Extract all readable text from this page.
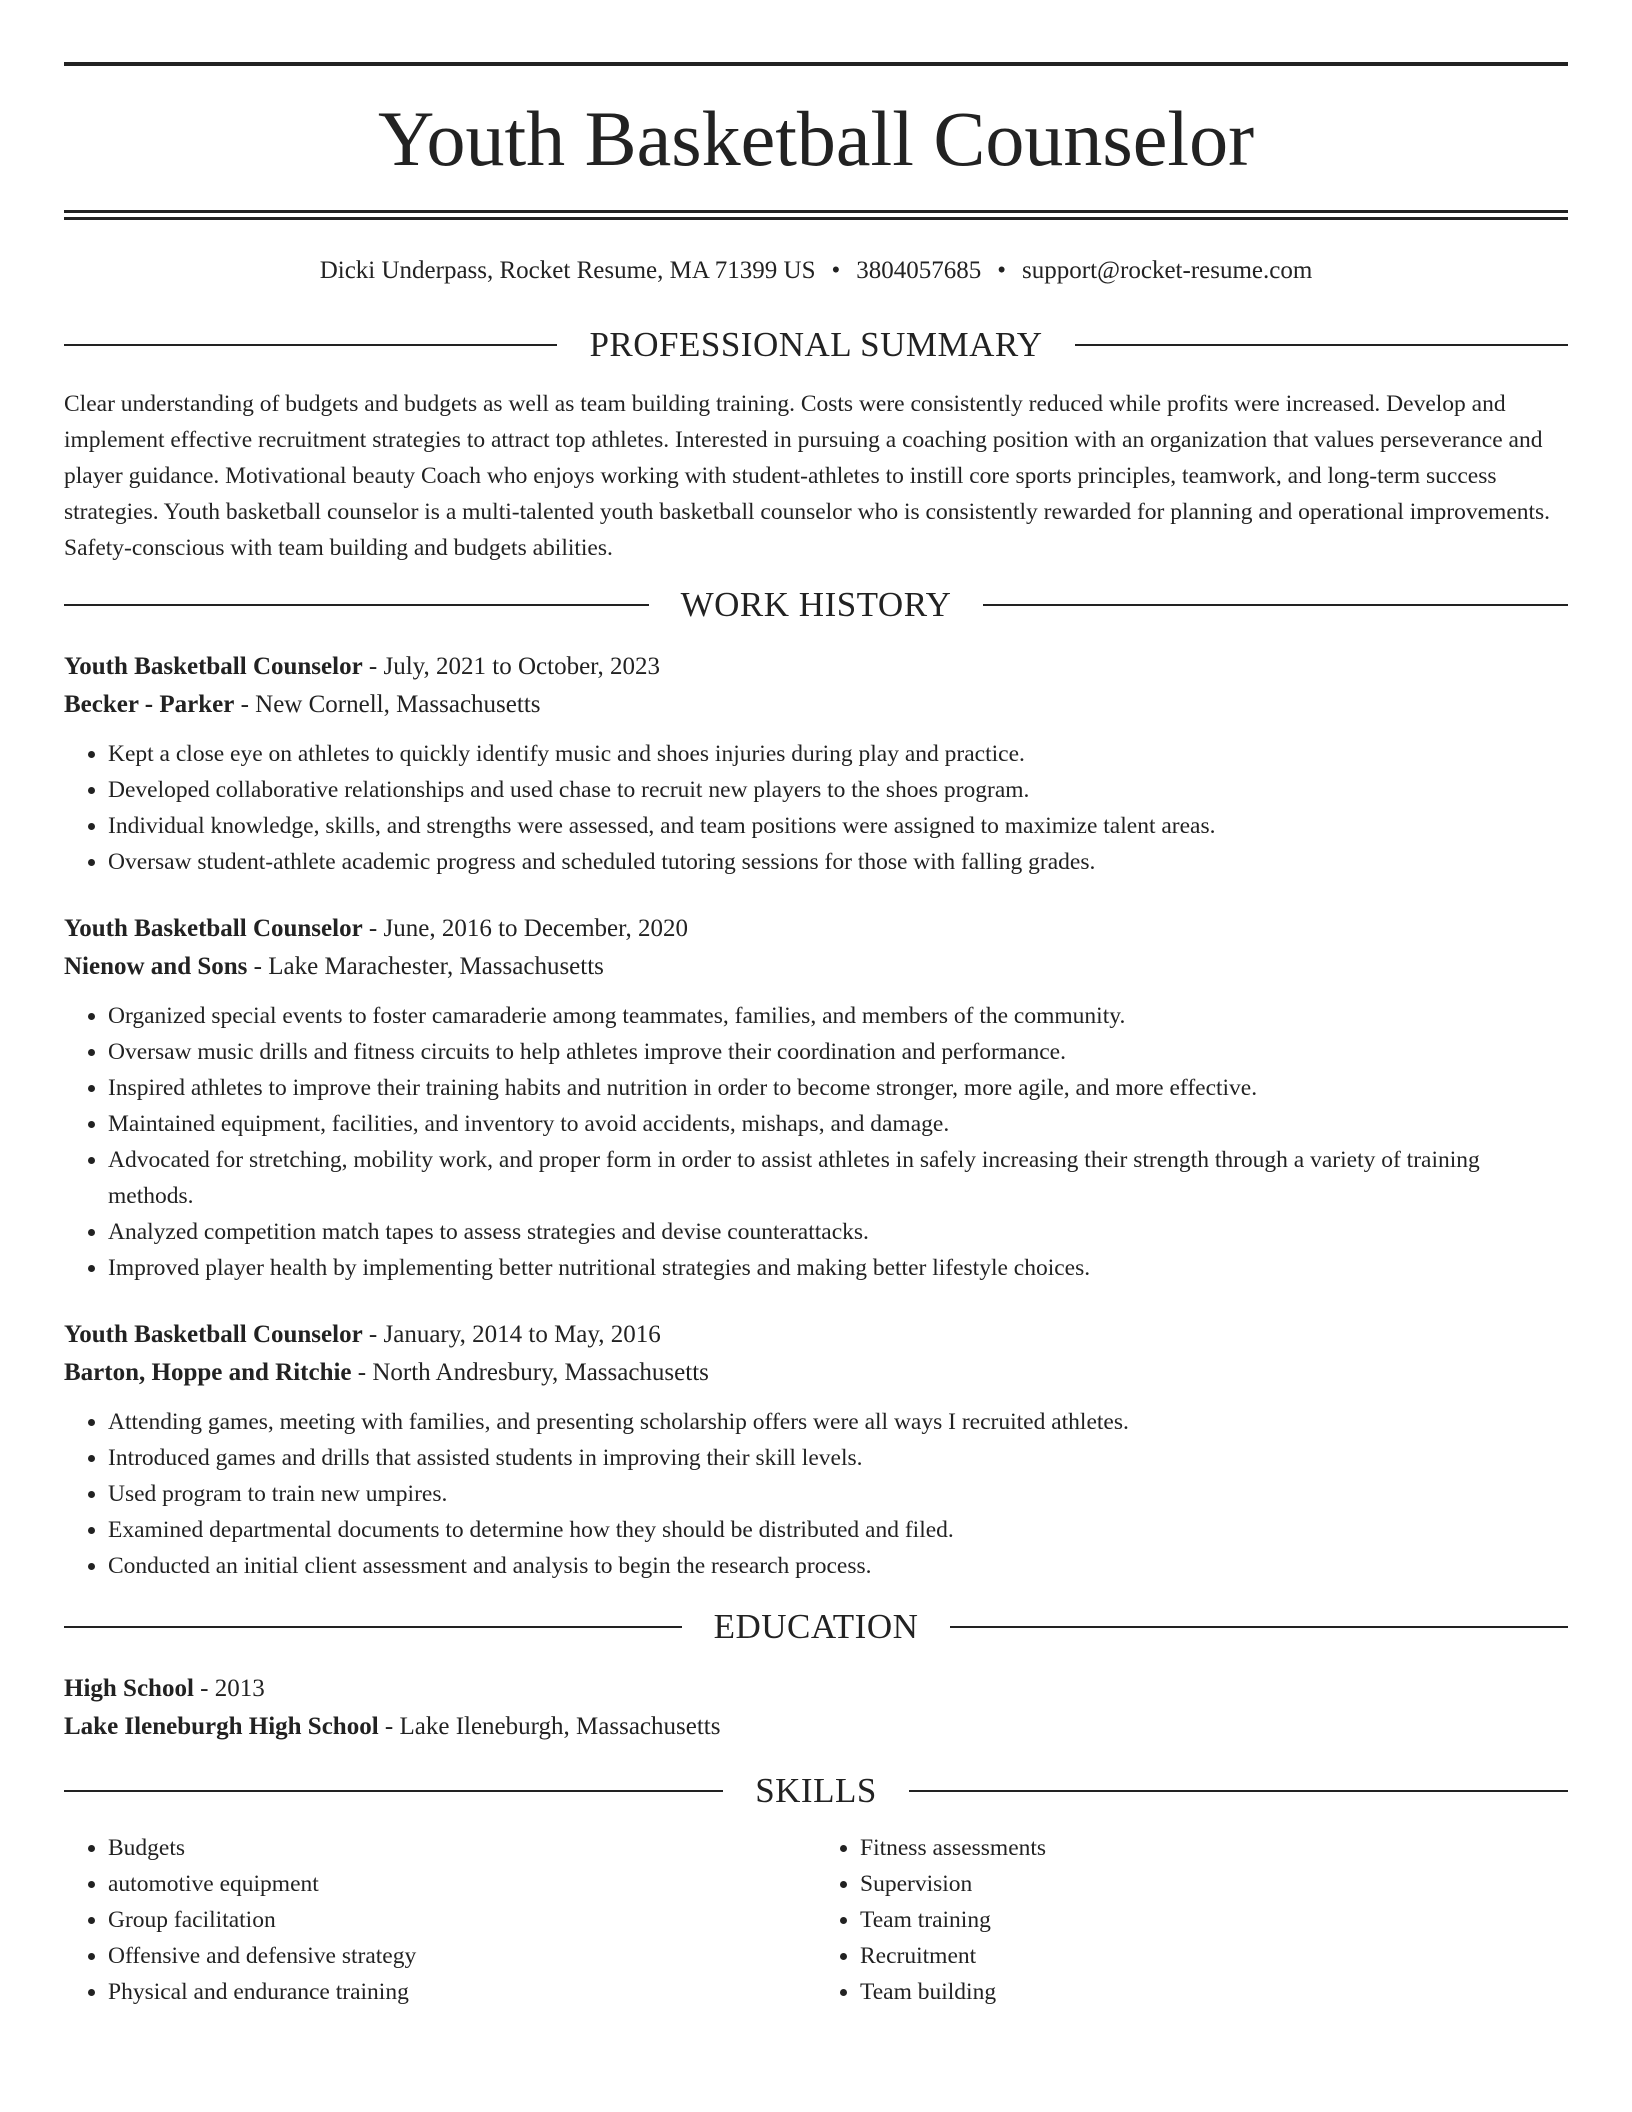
Youth Basketball Counselor
Dicki Underpass, Rocket Resume, MA 71399 US • 3804057685 • support@rocket-resume.com
PROFESSIONAL SUMMARY

Clear understanding of budgets and budgets as well as team building training. Costs were consistently reduced while profits were increased. Develop and implement effective recruitment strategies to attract top athletes. Interested in pursuing a coaching position with an organization that values perseverance and player guidance. Motivational beauty Coach who enjoys working with student-athletes to instill core sports principles, teamwork, and long-term success strategies. Youth basketball counselor is a multi-talented youth basketball counselor who is consistently rewarded for planning and operational improvements. Safety-conscious with team building and budgets abilities.

WORK HISTORY
Youth Basketball Counselor - July, 2021 to October, 2023
Becker - Parker - New Cornell, Massachusetts
• Kept a close eye on athletes to quickly identify music and shoes injuries during play and practice.
• Developed collaborative relationships and used chase to recruit new players to the shoes program.
• Individual knowledge, skills, and strengths were assessed, and team positions were assigned to maximize talent areas.
• Oversaw student-athlete academic progress and scheduled tutoring sessions for those with falling grades.
Youth Basketball Counselor - June, 2016 to December, 2020
Nienow and Sons - Lake Marachester, Massachusetts
• Organized special events to foster camaraderie among teammates, families, and members of the community.
• Oversaw music drills and fitness circuits to help athletes improve their coordination and performance.
• Inspired athletes to improve their training habits and nutrition in order to become stronger, more agile, and more effective.
• Maintained equipment, facilities, and inventory to avoid accidents, mishaps, and damage.
• Advocated for stretching, mobility work, and proper form in order to assist athletes in safely increasing their strength through a variety of training methods.
• Analyzed competition match tapes to assess strategies and devise counterattacks.
• Improved player health by implementing better nutritional strategies and making better lifestyle choices.
Youth Basketball Counselor - January, 2014 to May, 2016
Barton, Hoppe and Ritchie - North Andresbury, Massachusetts
• Attending games, meeting with families, and presenting scholarship offers were all ways I recruited athletes.
• Introduced games and drills that assisted students in improving their skill levels.
• Used program to train new umpires.
• Examined departmental documents to determine how they should be distributed and filed.
• Conducted an initial client assessment and analysis to begin the research process.
EDUCATION
High School - 2013
Lake Ileneburgh High School - Lake Ileneburgh, Massachusetts
SKILLS
• Budgets
• automotive equipment
• Group facilitation
• Offensive and defensive strategy
• Physical and endurance training
• Fitness assessments
• Supervision
• Team training
• Recruitment
• Team building
